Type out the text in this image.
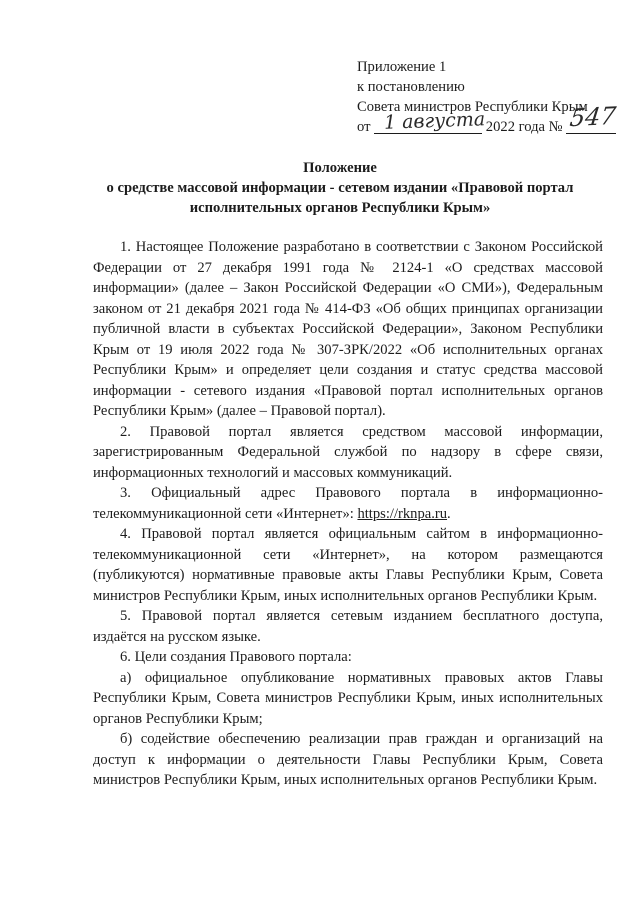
Приложение 1
к постановлению
Совета министров Республики Крым
от 1 августа 2022 года № 547
Положение
о средстве массовой информации - сетевом издании «Правовой портал
исполнительных органов Республики Крым»

1. Настоящее Положение разработано в соответствии с Законом Российской Федерации от 27 декабря 1991 года № 2124-1 «О средствах массовой информации» (далее – Закон Российской Федерации «О СМИ»), Федеральным законом от 21 декабря 2021 года № 414-ФЗ «Об общих принципах организации публичной власти в субъектах Российской Федерации», Законом Республики Крым от 19 июля 2022 года № 307-ЗРК/2022 «Об исполнительных органах Республики Крым» и определяет цели создания и статус средства массовой информации - сетевого издания «Правовой портал исполнительных органов Республики Крым» (далее – Правовой портал).

2. Правовой портал является средством массовой информации, зарегистрированным Федеральной службой по надзору в сфере связи, информационных технологий и массовых коммуникаций.

3. Официальный адрес Правового портала в информационно-телекоммуникационной сети «Интернет»: https://rknpa.ru.

4. Правовой портал является официальным сайтом в информационно-телекоммуникационной сети «Интернет», на котором размещаются (публикуются) нормативные правовые акты Главы Республики Крым, Совета министров Республики Крым, иных исполнительных органов Республики Крым.

5. Правовой портал является сетевым изданием бесплатного доступа, издаётся на русском языке.

6. Цели создания Правового портала:

а) официальное опубликование нормативных правовых актов Главы Республики Крым, Совета министров Республики Крым, иных исполнительных органов Республики Крым;

б) содействие обеспечению реализации прав граждан и организаций на доступ к информации о деятельности Главы Республики Крым, Совета министров Республики Крым, иных исполнительных органов Республики Крым.
